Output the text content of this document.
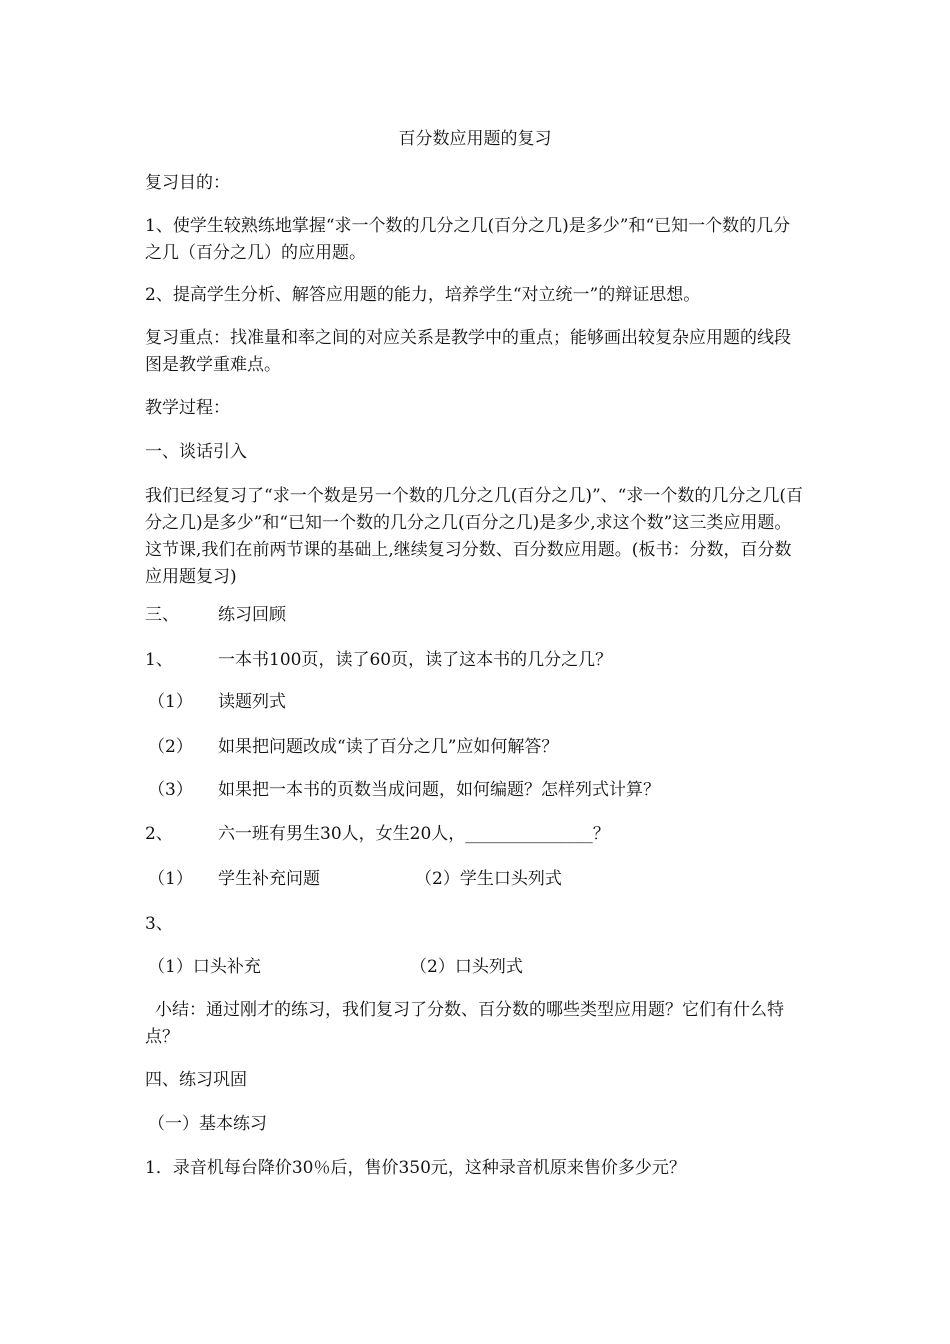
百分数应用题的复习
复习目的：
1、使学生较熟练地掌握“求一个数的几分之几(百分之几)是多少”和“已知一个数的几分之几（百分之几）的应用题。
2、提高学生分析、解答应用题的能力，培养学生“对立统一”的辩证思想。
复习重点：找准量和率之间的对应关系是教学中的重点；能够画出较复杂应用题的线段图是教学重难点。
教学过程：
一、谈话引入
我们已经复习了“求一个数是另一个数的几分之几(百分之几)”、“求一个数的几分之几(百分之几)是多少”和“已知一个数的几分之几(百分之几)是多少,求这个数”这三类应用题。这节课,我们在前两节课的基础上,继续复习分数、百分数应用题。(板书：分数，百分数应用题复习)
三、 练习回顾
1、	一本书100页，读了60页，读了这本书的几分之几？
（1） 读题列式
（2） 如果把问题改成“读了百分之几”应如何解答？
（3） 如果把一本书的页数当成问题，如何编题？怎样列式计算？
2、	六一班有男生30人，女生20人，_______________？
（1） 学生补充问题	（2）学生口头列式
3、
（1）口头补充	（2）口头列式
小结：通过刚才的练习，我们复习了分数、百分数的哪些类型应用题？它们有什么特点？
四、练习巩固
（一）基本练习
1．录音机每台降价30％后，售价350元，这种录音机原来售价多少元？
